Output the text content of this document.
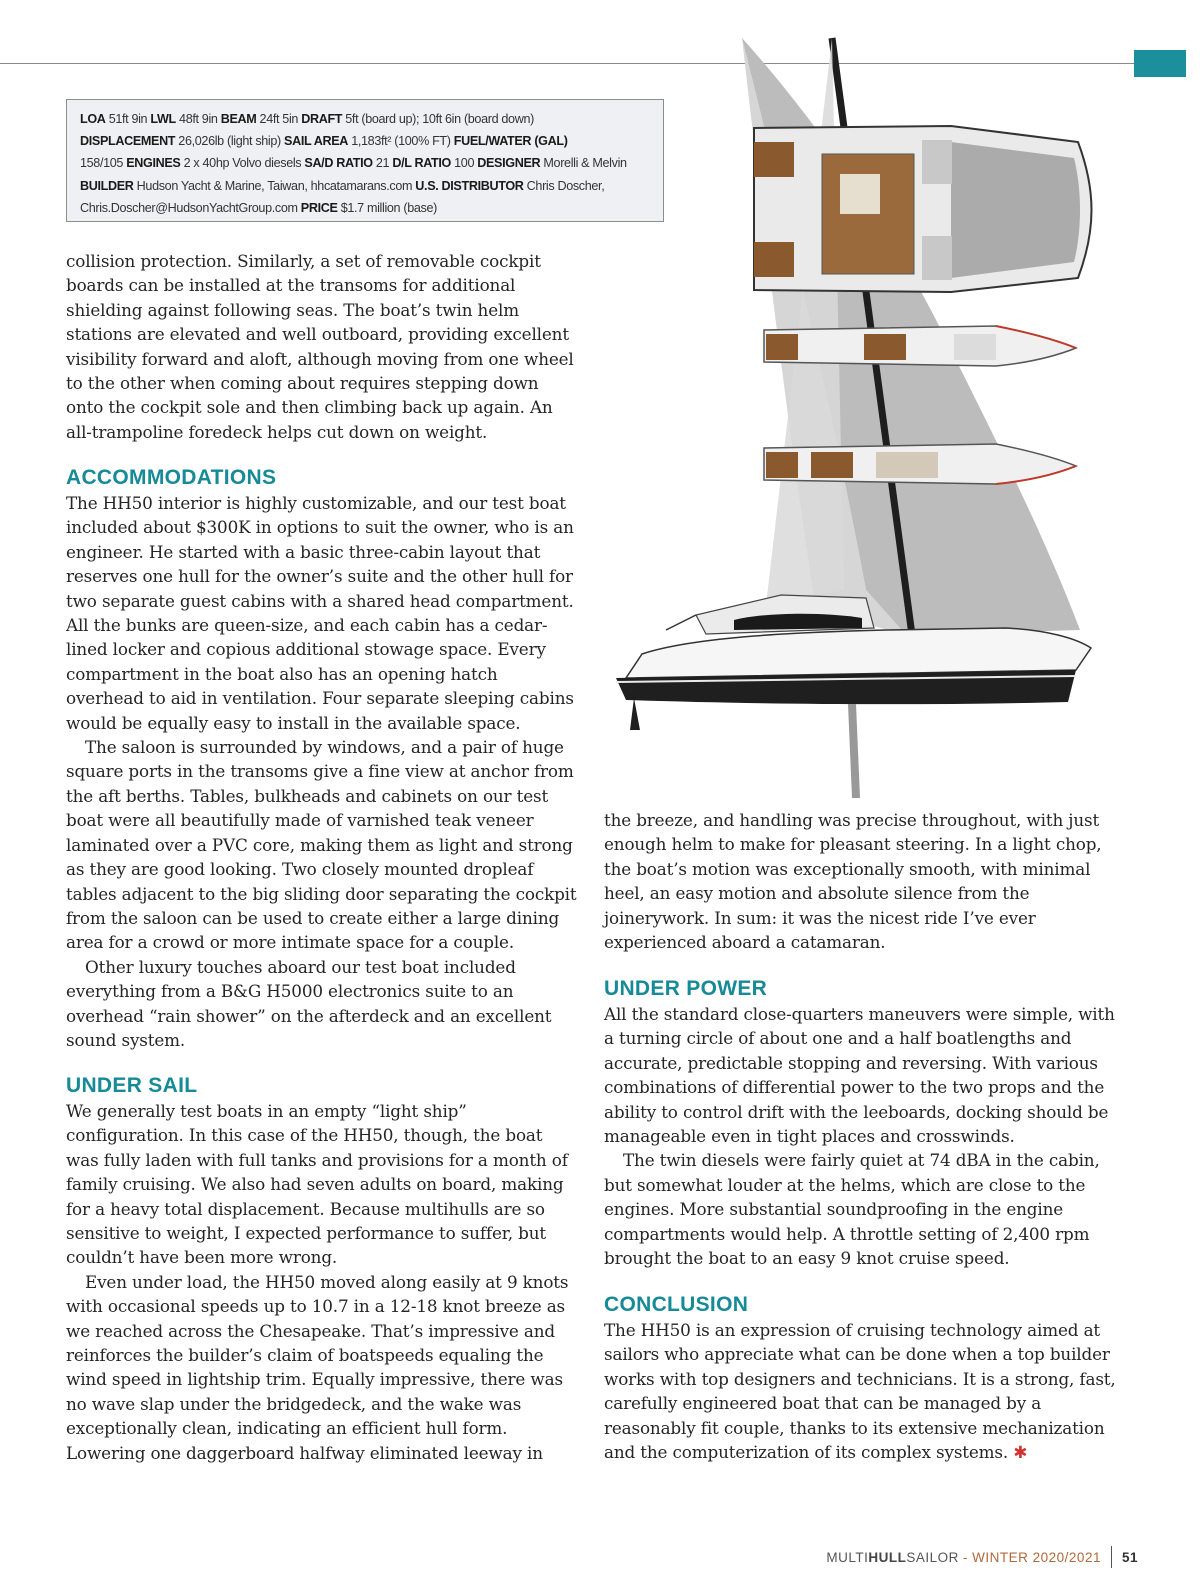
LOA 51ft 9in LWL 48ft 9in BEAM 24ft 5in DRAFT 5ft (board up); 10ft 6in (board down)
DISPLACEMENT 26,026lb (light ship) SAIL AREA 1,183ft² (100% FT) FUEL/WATER (GAL)
158/105 ENGINES 2 x 40hp Volvo diesels SA/D RATIO 21 D/L RATIO 100 DESIGNER Morelli & Melvin BUILDER Hudson Yacht & Marine, Taiwan, hhcatamarans.com U.S. DISTRIBUTOR Chris Doscher, Chris.Doscher@HudsonYachtGroup.com PRICE $1.7 million (base)

collision protection. Similarly, a set of removable cockpit boards can be installed at the transoms for additional shielding against following seas. The boat’s twin helm stations are elevated and well outboard, providing excellent visibility forward and aloft, although moving from one wheel to the other when coming about requires stepping down onto the cockpit sole and then climbing back up again. An all-trampoline foredeck helps cut down on weight.

ACCOMMODATIONS

The HH50 interior is highly customizable, and our test boat included about $300K in options to suit the owner, who is an engineer. He started with a basic three-cabin layout that reserves one hull for the owner’s suite and the other hull for two separate guest cabins with a shared head compartment. All the bunks are queen-size, and each cabin has a cedar-lined locker and copious additional stowage space. Every compartment in the boat also has an opening hatch overhead to aid in ventilation. Four separate sleeping cabins would be equally easy to install in the available space.

The saloon is surrounded by windows, and a pair of huge square ports in the transoms give a fine view at anchor from the aft berths. Tables, bulkheads and cabinets on our test boat were all beautifully made of varnished teak veneer laminated over a PVC core, making them as light and strong as they are good looking. Two closely mounted dropleaf tables adjacent to the big sliding door separating the cockpit from the saloon can be used to create either a large dining area for a crowd or more intimate space for a couple.

Other luxury touches aboard our test boat included everything from a B&G H5000 electronics suite to an overhead “rain shower” on the afterdeck and an excellent sound system.

UNDER SAIL

We generally test boats in an empty “light ship” configuration. In this case of the HH50, though, the boat was fully laden with full tanks and provisions for a month of family cruising. We also had seven adults on board, making for a heavy total displacement. Because multihulls are so sensitive to weight, I expected performance to suffer, but couldn’t have been more wrong.

Even under load, the HH50 moved along easily at 9 knots with occasional speeds up to 10.7 in a 12-18 knot breeze as we reached across the Chesapeake. That’s impressive and reinforces the builder’s claim of boatspeeds equaling the wind speed in lightship trim. Equally impressive, there was no wave slap under the bridgedeck, and the wake was exceptionally clean, indicating an efficient hull form. Lowering one daggerboard halfway eliminated leeway in

the breeze, and handling was precise throughout, with just enough helm to make for pleasant steering. In a light chop, the boat’s motion was exceptionally smooth, with minimal heel, an easy motion and absolute silence from the joinerywork. In sum: it was the nicest ride I’ve ever experienced aboard a catamaran.

UNDER POWER

All the standard close-quarters maneuvers were simple, with a turning circle of about one and a half boatlengths and accurate, predictable stopping and reversing. With various combinations of differential power to the two props and the ability to control drift with the leeboards, docking should be manageable even in tight places and crosswinds.

The twin diesels were fairly quiet at 74 dBA in the cabin, but somewhat louder at the helms, which are close to the engines. More substantial soundproofing in the engine compartments would help. A throttle setting of 2,400 rpm brought the boat to an easy 9 knot cruise speed.

CONCLUSION

The HH50 is an expression of cruising technology aimed at sailors who appreciate what can be done when a top builder works with top designers and technicians. It is a strong, fast, carefully engineered boat that can be managed by a reasonably fit couple, thanks to its extensive mechanization and the computerization of its complex systems. ✱

MULTIHULLSAILOR - WINTER 2020/2021 51
